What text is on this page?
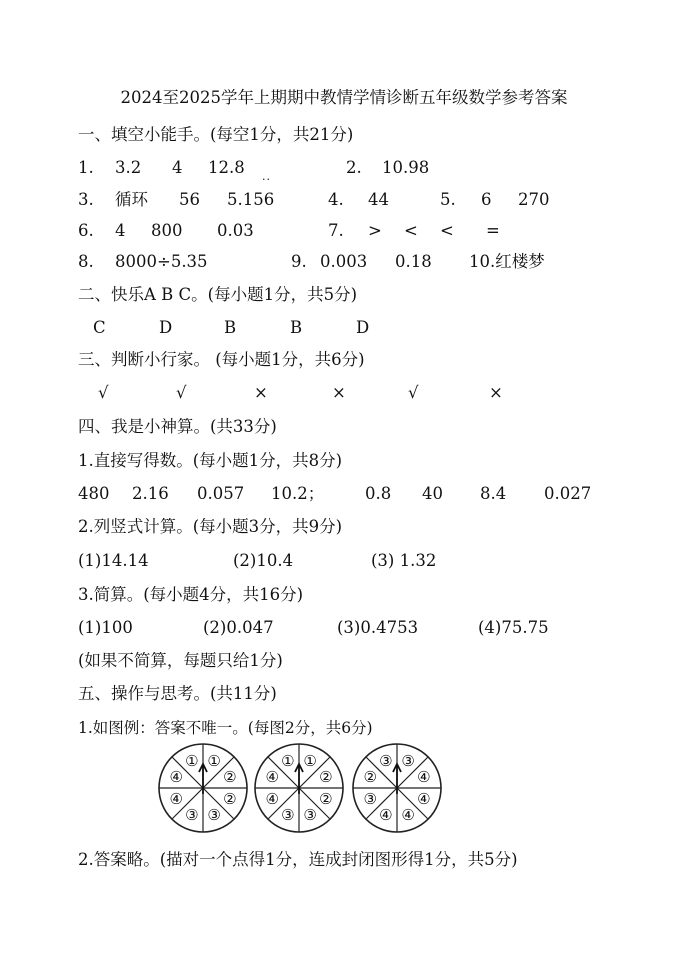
2024至2025学年上期期中教情学情诊断五年级数学参考答案
一、填空小能手。(每空1分，共21分)
1. 3.2 4 12.8	2. 10.98
··
3. 循环 56 5.156	4. 44	5. 6 270
6. 4 800 0.03	7. > < < =
8. 8000÷5.35	9. 0.003 0.18 10.红楼梦
二、快乐A B C。(每小题1分，共5分)
C	D	B	B	D
三、判断小行家。 (每小题1分，共6分)
√	√	×	×	√	×
四、我是小神算。(共33分)
1.直接写得数。(每小题1分，共8分)
480 2.16 0.057 10.2； 0.8 40 8.4 0.027
2.列竖式计算。(每小题3分，共9分)
(1)14.14	(2)10.4	(3) 1.32
3.简算。(每小题4分，共16分)
(1)100	(2)0.047	(3)0.4753	(4)75.75
(如果不简算，每题只给1分)
五、操作与思考。(共11分)
1.如图例：答案不唯一。(每图2分，共6分)
①
②
②
③
③
④
④
①	①
②
②
③
③
④
④
①	③
④
④
④
④
③
②
③
2.答案略。(描对一个点得1分，连成封闭图形得1分，共5分)
